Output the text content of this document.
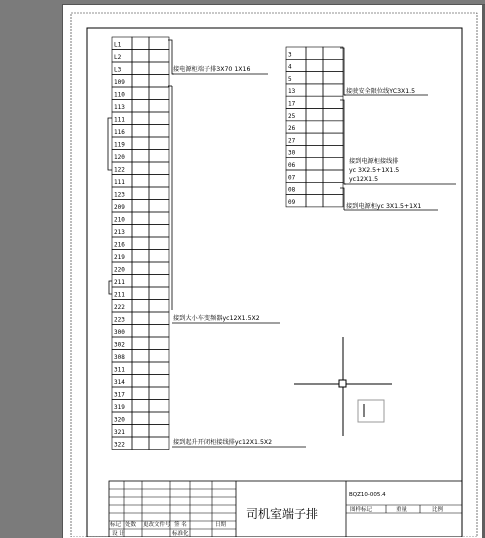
L1
L2
L3
109
110
113
111
116
119
120
122
111
123
209
210
213
216
219
220
211
211
222
223
300
302
308
311
314
317
319
320
321
322
3
4
5
13
17
25
26
27
30
06
07
08
09
接电源柜端子排3X70 1X16
接到大小车变频器yc12X1.5X2
接到起升开闭柜接线排yc12X1.5X2
接驶安全限位线YC3X1.5
接到电源柜接线排
yc 3X2.5+1X1.5
yc12X1.5
接到电源柜yc 3X1.5+1X1
标记 处数 更改文件号 签 名	日期
设 计	标准化
司机室端子排
BQZ10-005.4
图样标记	重量	比例
